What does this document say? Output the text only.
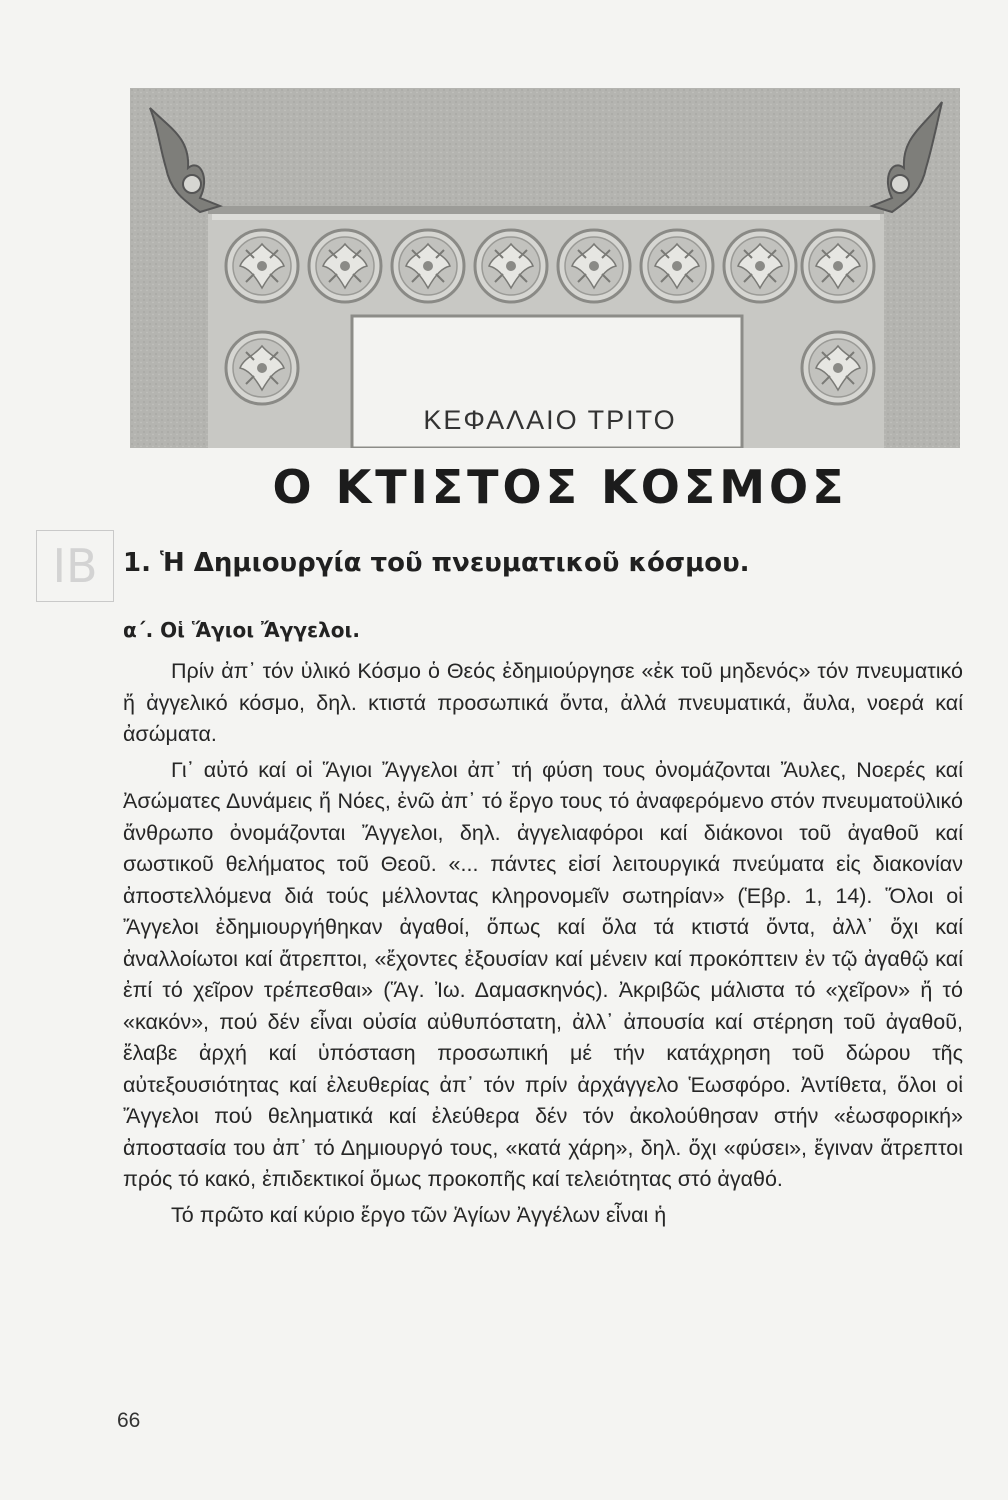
ΚΕΦΑΛΑΙΟ ΤΡΙΤΟ
Ο ΚΤΙΣΤΟΣ ΚΟΣΜΟΣ
ΙΒ 1. Ἡ Δημιουργία τοῦ πνευματικοῦ κόσμου.
α΄. Οἱ Ἅγιοι Ἄγγελοι.

Πρίν ἀπ᾽ τόν ὑλικό Κόσμο ὁ Θεός ἐδημιούργησε «ἐκ τοῦ μηδενός» τόν πνευματικό ἤ ἀγγελικό κόσμο, δηλ. κτιστά προσωπικά ὄντα, ἀλλά πνευματικά, ἄυλα, νοερά καί ἀσώματα.

Γι᾽ αὐτό καί οἱ Ἅγιοι Ἄγγελοι ἀπ᾽ τή φύση τους ὀνομάζονται Ἄυλες, Νοερές καί Ἀσώματες Δυνάμεις ἤ Νόες, ἐνῶ ἀπ᾽ τό ἔργο τους τό ἀναφερόμενο στόν πνευματοϋλικό ἄνθρωπο ὀνομάζονται Ἄγγελοι, δηλ. ἀγγελιαφόροι καί διάκονοι τοῦ ἀγαθοῦ καί σωστικοῦ θελήματος τοῦ Θεοῦ. «... πάντες εἰσί λειτουργικά πνεύματα εἰς διακονίαν ἀποστελλόμενα διά τούς μέλλοντας κληρονομεῖν σωτηρίαν» (Ἑβρ. 1, 14). Ὅλοι οἱ Ἄγγελοι ἐδημιουργήθηκαν ἀγαθοί, ὅπως καί ὅλα τά κτιστά ὄντα, ἀλλ᾽ ὄχι καί ἀναλλοίωτοι καί ἄτρεπτοι, «ἔχοντες ἐξουσίαν καί μένειν καί προκόπτειν ἐν τῷ ἀγαθῷ καί ἐπί τό χεῖρον τρέπεσθαι» (Ἅγ. Ἰω. Δαμασκηνός). Ἀκριβῶς μάλιστα τό «χεῖρον» ἤ τό «κακόν», πού δέν εἶναι οὐσία αὐθυπόστατη, ἀλλ᾽ ἀπουσία καί στέρηση τοῦ ἀγαθοῦ, ἔλαβε ἀρχή καί ὑπόσταση προσωπική μέ τήν κατάχρηση τοῦ δώρου τῆς αὐτεξουσιότητας καί ἐλευθερίας ἀπ᾽ τόν πρίν ἀρχάγγελο Ἑωσφόρο. Ἀντίθετα, ὅλοι οἱ Ἄγγελοι πού θεληματικά καί ἐλεύθερα δέν τόν ἀκολούθησαν στήν «ἑωσφορική» ἀποστασία του ἀπ᾽ τό Δημιουργό τους, «κατά χάρη», δηλ. ὄχι «φύσει», ἔγιναν ἄτρεπτοι πρός τό κακό, ἐπιδεκτικοί ὅμως προκοπῆς καί τελειότητας στό ἀγαθό.

Τό πρῶτο καί κύριο ἔργο τῶν Ἁγίων Ἀγγέλων εἶναι ἡ

66
